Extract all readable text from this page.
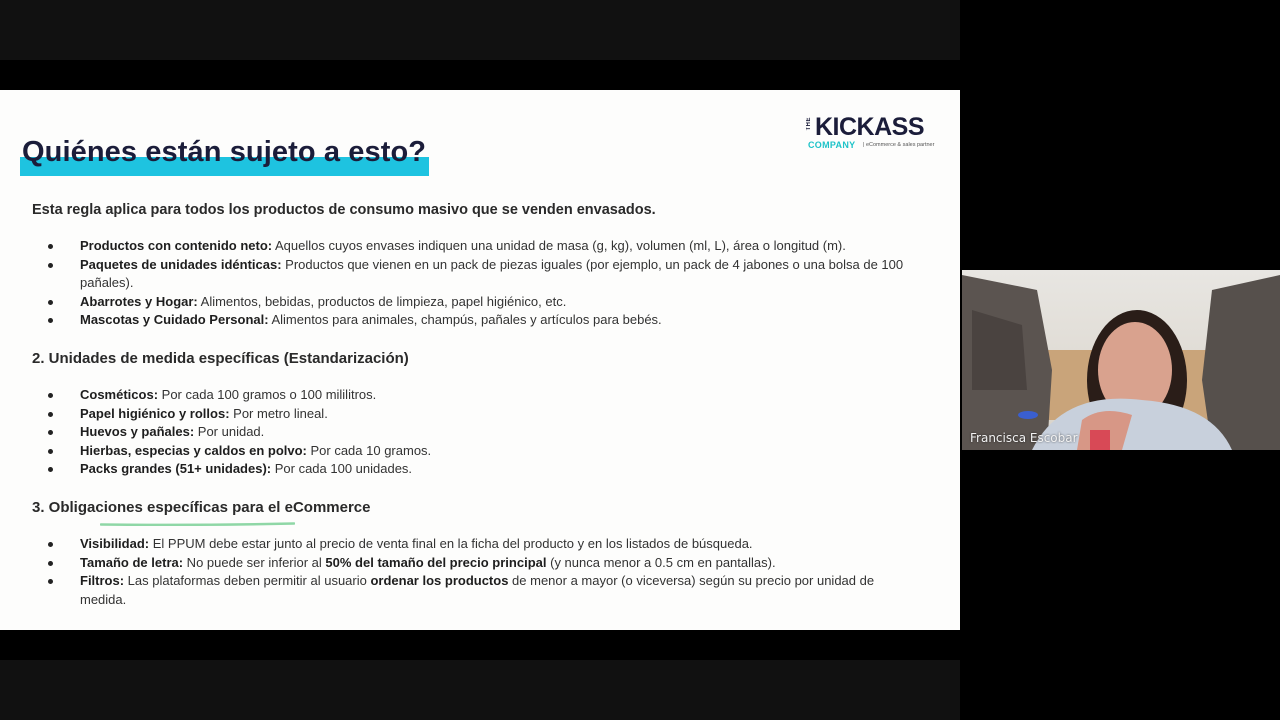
Quiénes están sujeto a esto?
THE KICKASS
COMPANY | eCommerce & sales partner
Esta regla aplica para todos los productos de consumo masivo que se venden envasados.
Productos con contenido neto: Aquellos cuyos envases indiquen una unidad de masa (g, kg), volumen (ml, L), área o longitud (m).
Paquetes de unidades idénticas: Productos que vienen en un pack de piezas iguales (por ejemplo, un pack de 4 jabones o una bolsa de 100 pañales).
Abarrotes y Hogar: Alimentos, bebidas, productos de limpieza, papel higiénico, etc.
Mascotas y Cuidado Personal: Alimentos para animales, champús, pañales y artículos para bebés.
2. Unidades de medida específicas (Estandarización)
Cosméticos: Por cada 100 gramos o 100 mililitros.
Papel higiénico y rollos: Por metro lineal.
Huevos y pañales: Por unidad.
Hierbas, especias y caldos en polvo: Por cada 10 gramos.
Packs grandes (51+ unidades): Por cada 100 unidades.
3. Obligaciones específicas para el eCommerce
Visibilidad: El PPUM debe estar junto al precio de venta final en la ficha del producto y en los listados de búsqueda.
Tamaño de letra: No puede ser inferior al 50% del tamaño del precio principal (y nunca menor a 0.5 cm en pantallas).
Filtros: Las plataformas deben permitir al usuario ordenar los productos de menor a mayor (o viceversa) según su precio por unidad de medida.
Francisca Escobar
